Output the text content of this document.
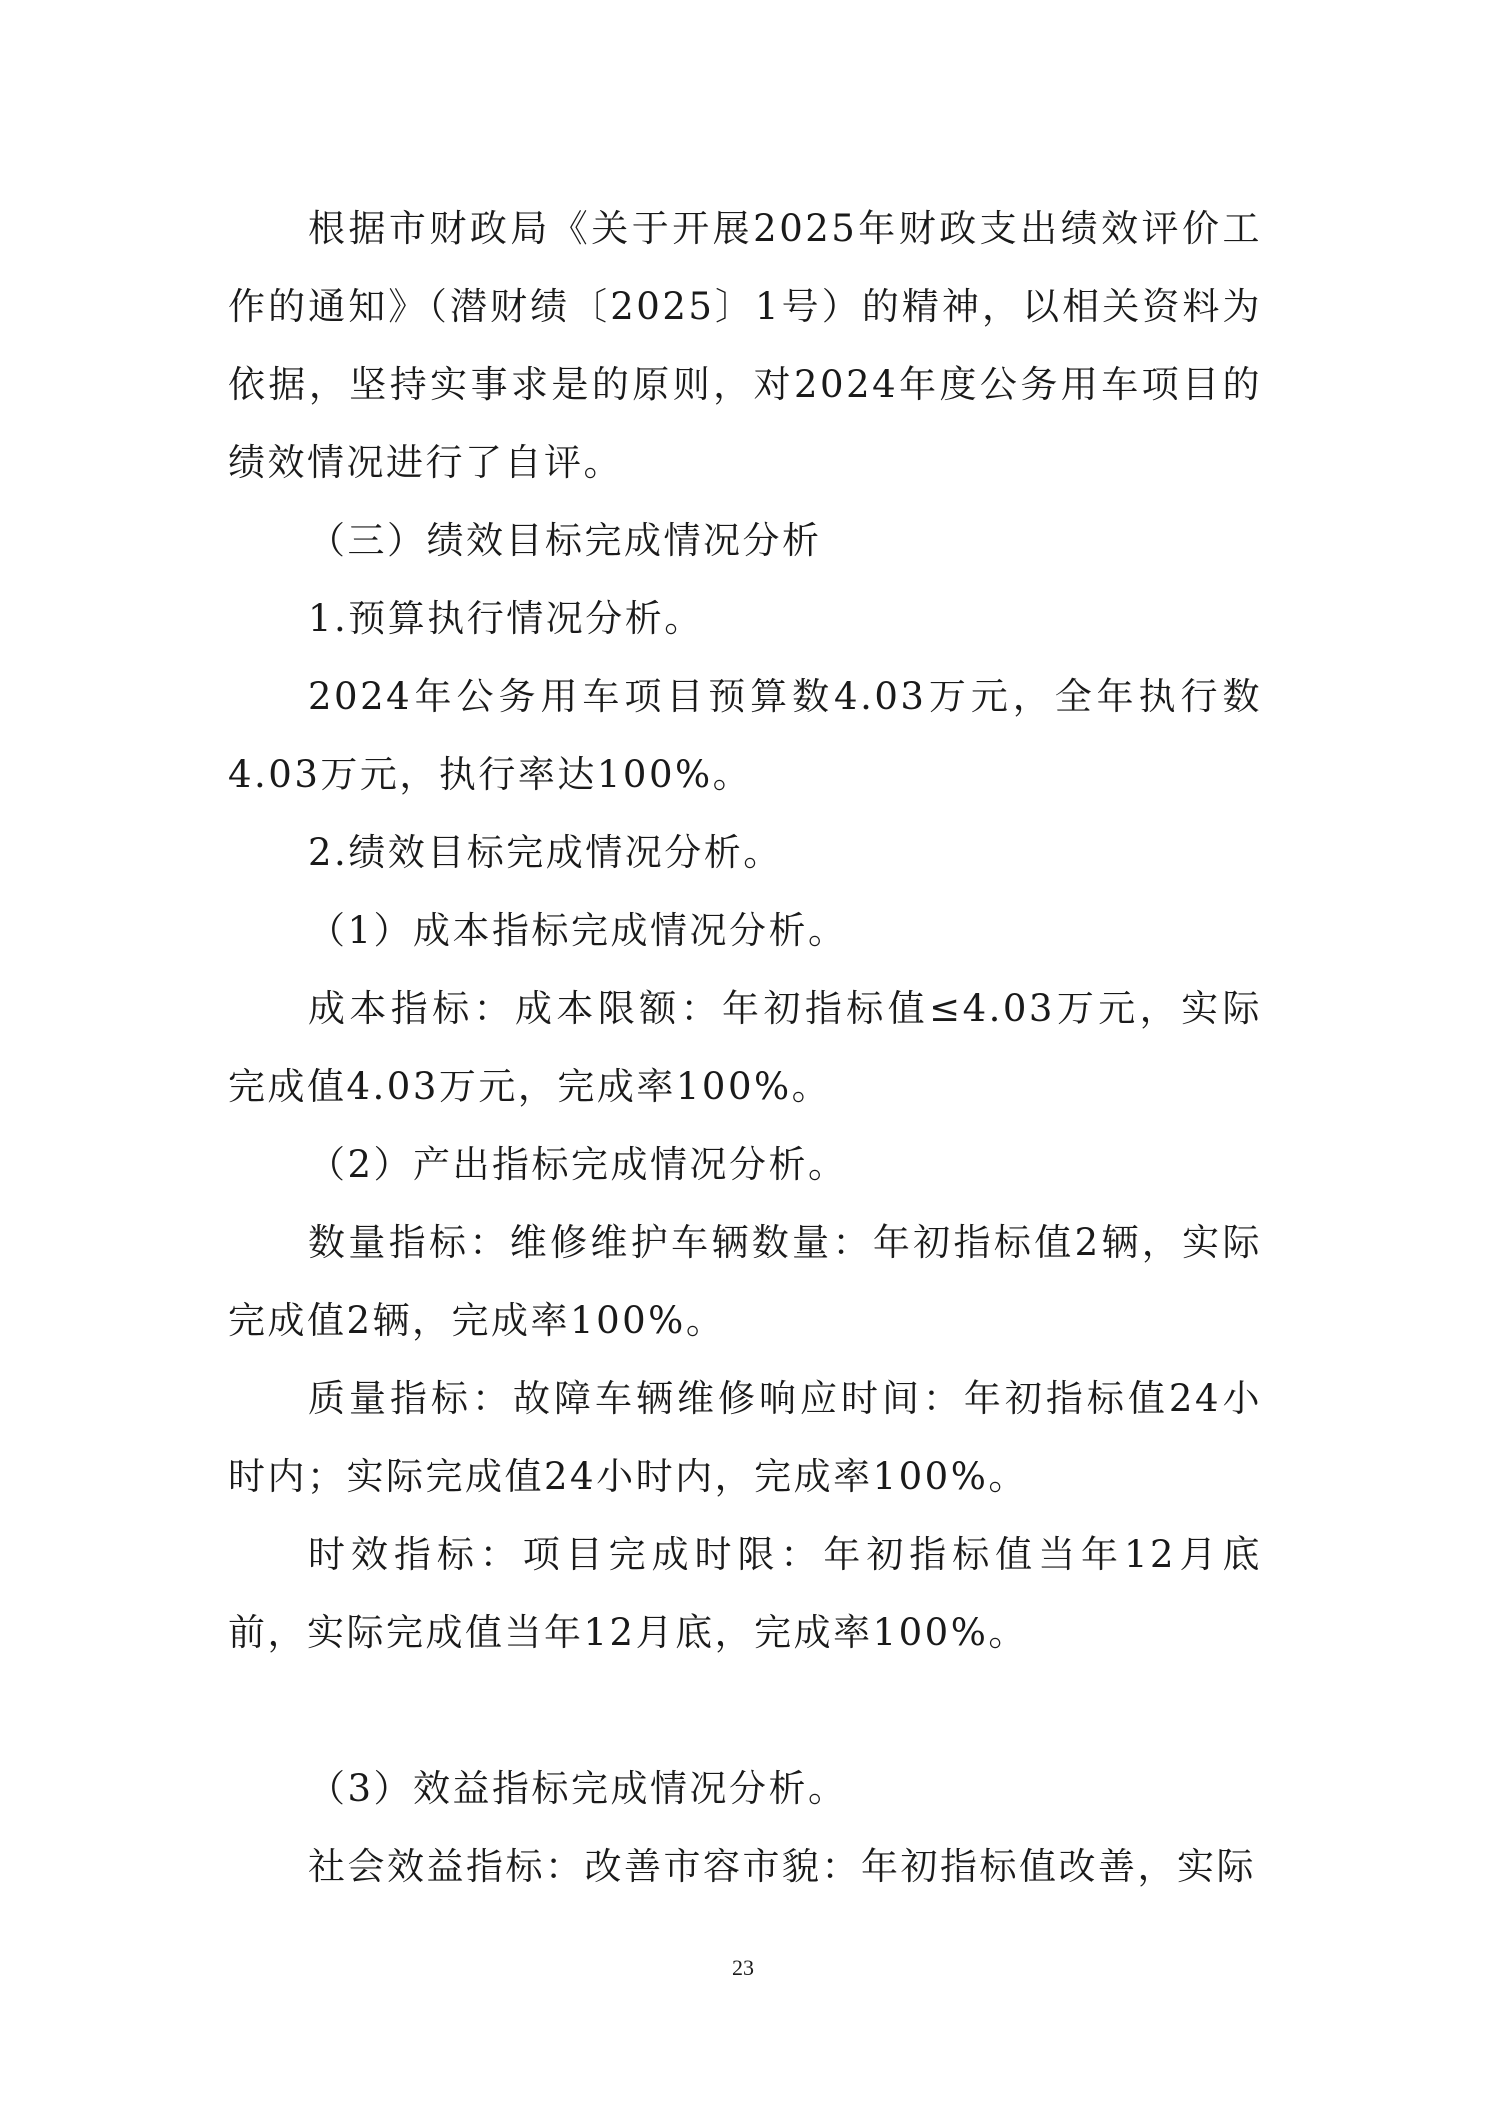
根据市财政局《关于开展2025年财政支出绩效评价工作的通知》（潜财绩〔2025〕1号）的精神，以相关资料为依据，坚持实事求是的原则，对2024年度公务用车项目的绩效情况进行了自评。

（三）绩效目标完成情况分析

1.预算执行情况分析。

2024年公务用车项目预算数4.03万元，全年执行数4.03万元，执行率达100%。

2.绩效目标完成情况分析。

（1）成本指标完成情况分析。

成本指标：成本限额：年初指标值≤4.03万元，实际完成值4.03万元，完成率100%。

（2）产出指标完成情况分析。

数量指标：维修维护车辆数量：年初指标值2辆，实际完成值2辆，完成率100%。

质量指标：故障车辆维修响应时间：年初指标值24小时内；实际完成值24小时内，完成率100%。

时效指标：项目完成时限：年初指标值当年12月底前，实际完成值当年12月底，完成率100%。

（3）效益指标完成情况分析。

社会效益指标：改善市容市貌：年初指标值改善，实际

23
